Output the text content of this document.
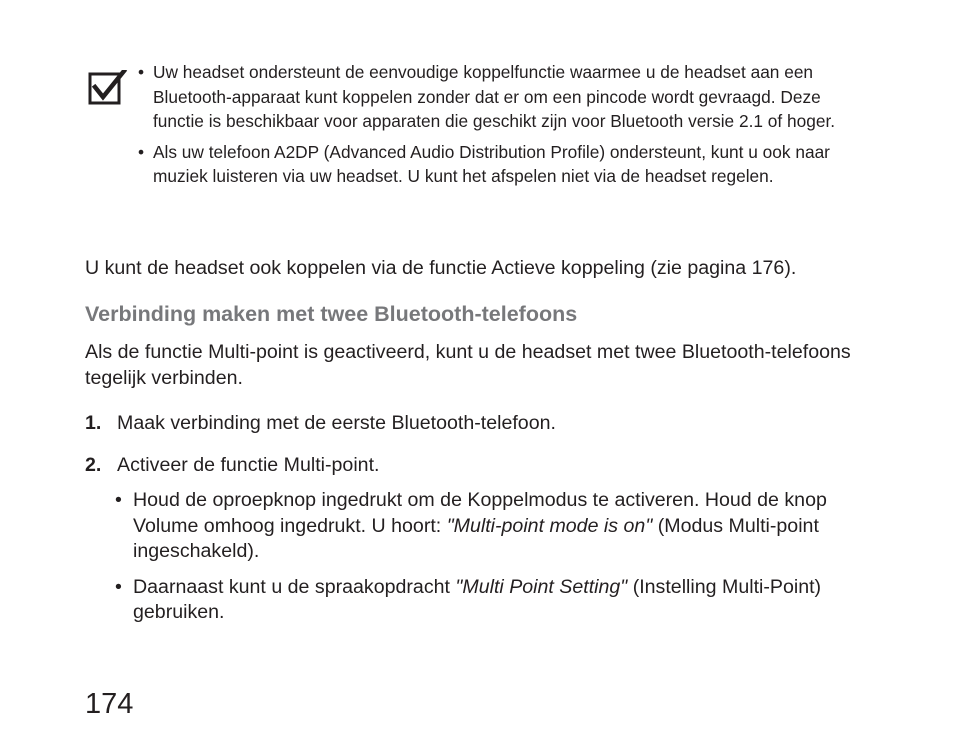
• Uw headset ondersteunt de eenvoudige koppelfunctie waarmee u de headset aan een Bluetooth-apparaat kunt koppelen zonder dat er om een pincode wordt gevraagd. Deze functie is beschikbaar voor apparaten die geschikt zijn voor Bluetooth versie 2.1 of hoger.
• Als uw telefoon A2DP (Advanced Audio Distribution Profile) ondersteunt, kunt u ook naar muziek luisteren via uw headset. U kunt het afspelen niet via de headset regelen.

U kunt de headset ook koppelen via de functie Actieve koppeling (zie pagina 176).

Verbinding maken met twee Bluetooth-telefoons

Als de functie Multi-point is geactiveerd, kunt u de headset met twee Bluetooth-telefoons tegelijk verbinden.

1. Maak verbinding met de eerste Bluetooth-telefoon.
2. Activeer de functie Multi-point.
• Houd de oproepknop ingedrukt om de Koppelmodus te activeren. Houd de knop Volume omhoog ingedrukt. U hoort: "Multi-point mode is on" (Modus Multi-point ingeschakeld).
• Daarnaast kunt u de spraakopdracht "Multi Point Setting" (Instelling Multi-Point) gebruiken.
174
